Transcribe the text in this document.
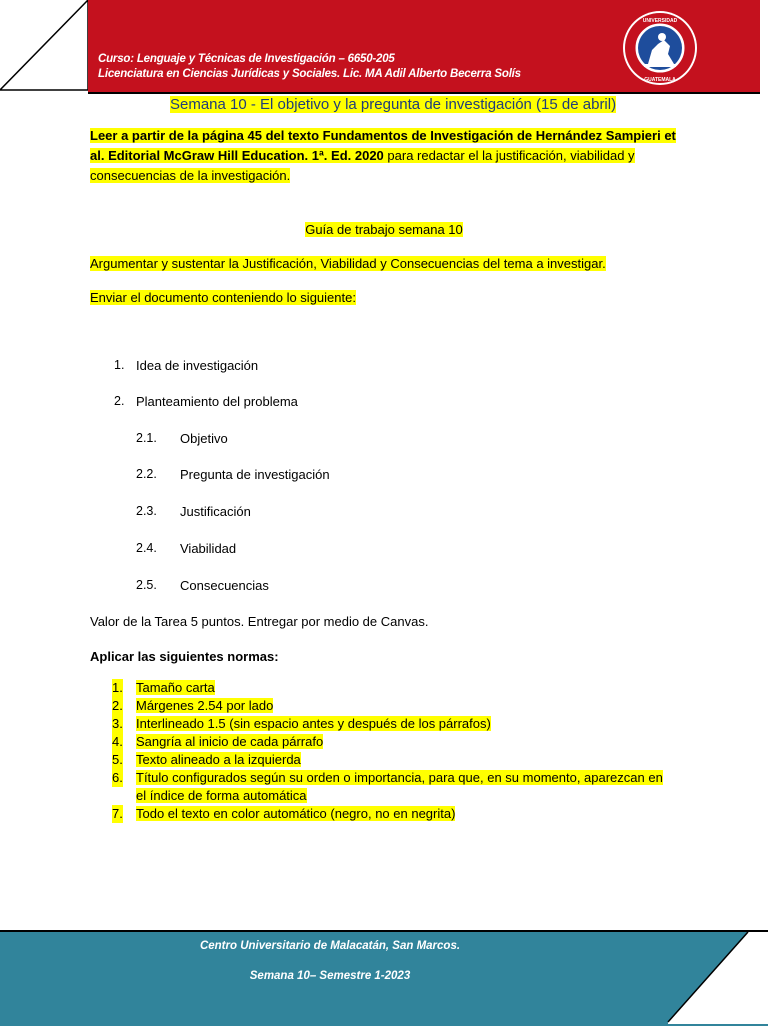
Curso: Lenguaje y Técnicas de Investigación – 6650-205
Licenciatura en Ciencias Jurídicas y Sociales. Lic. MA Adil Alberto Becerra Solís
UNIVERSIDAD
GUATEMALA
Semana 10 - El objetivo y la pregunta de investigación (15 de abril)
Leer a partir de la página 45 del texto Fundamentos de Investigación de Hernández Sampieri et al. Editorial McGraw Hill Education. 1ª. Ed. 2020 para redactar el la justificación, viabilidad y consecuencias de la investigación.
Guía de trabajo semana 10
Argumentar y sustentar la Justificación, Viabilidad y Consecuencias del tema a investigar.
Enviar el documento conteniendo lo siguiente:
1. Idea de investigación
2. Planteamiento del problema
2.1. Objetivo
2.2. Pregunta de investigación
2.3. Justificación
2.4. Viabilidad
2.5. Consecuencias
Valor de la Tarea 5 puntos. Entregar por medio de Canvas.
Aplicar las siguientes normas:
1. Tamaño carta
2. Márgenes 2.54 por lado
3. Interlineado 1.5 (sin espacio antes y después de los párrafos)
4. Sangría al inicio de cada párrafo
5. Texto alineado a la izquierda
6. Título configurados según su orden o importancia, para que, en su momento, aparezcan en el índice de forma automática
7. Todo el texto en color automático (negro, no en negrita)
Centro Universitario de Malacatán, San Marcos.
Semana 10– Semestre 1-2023
